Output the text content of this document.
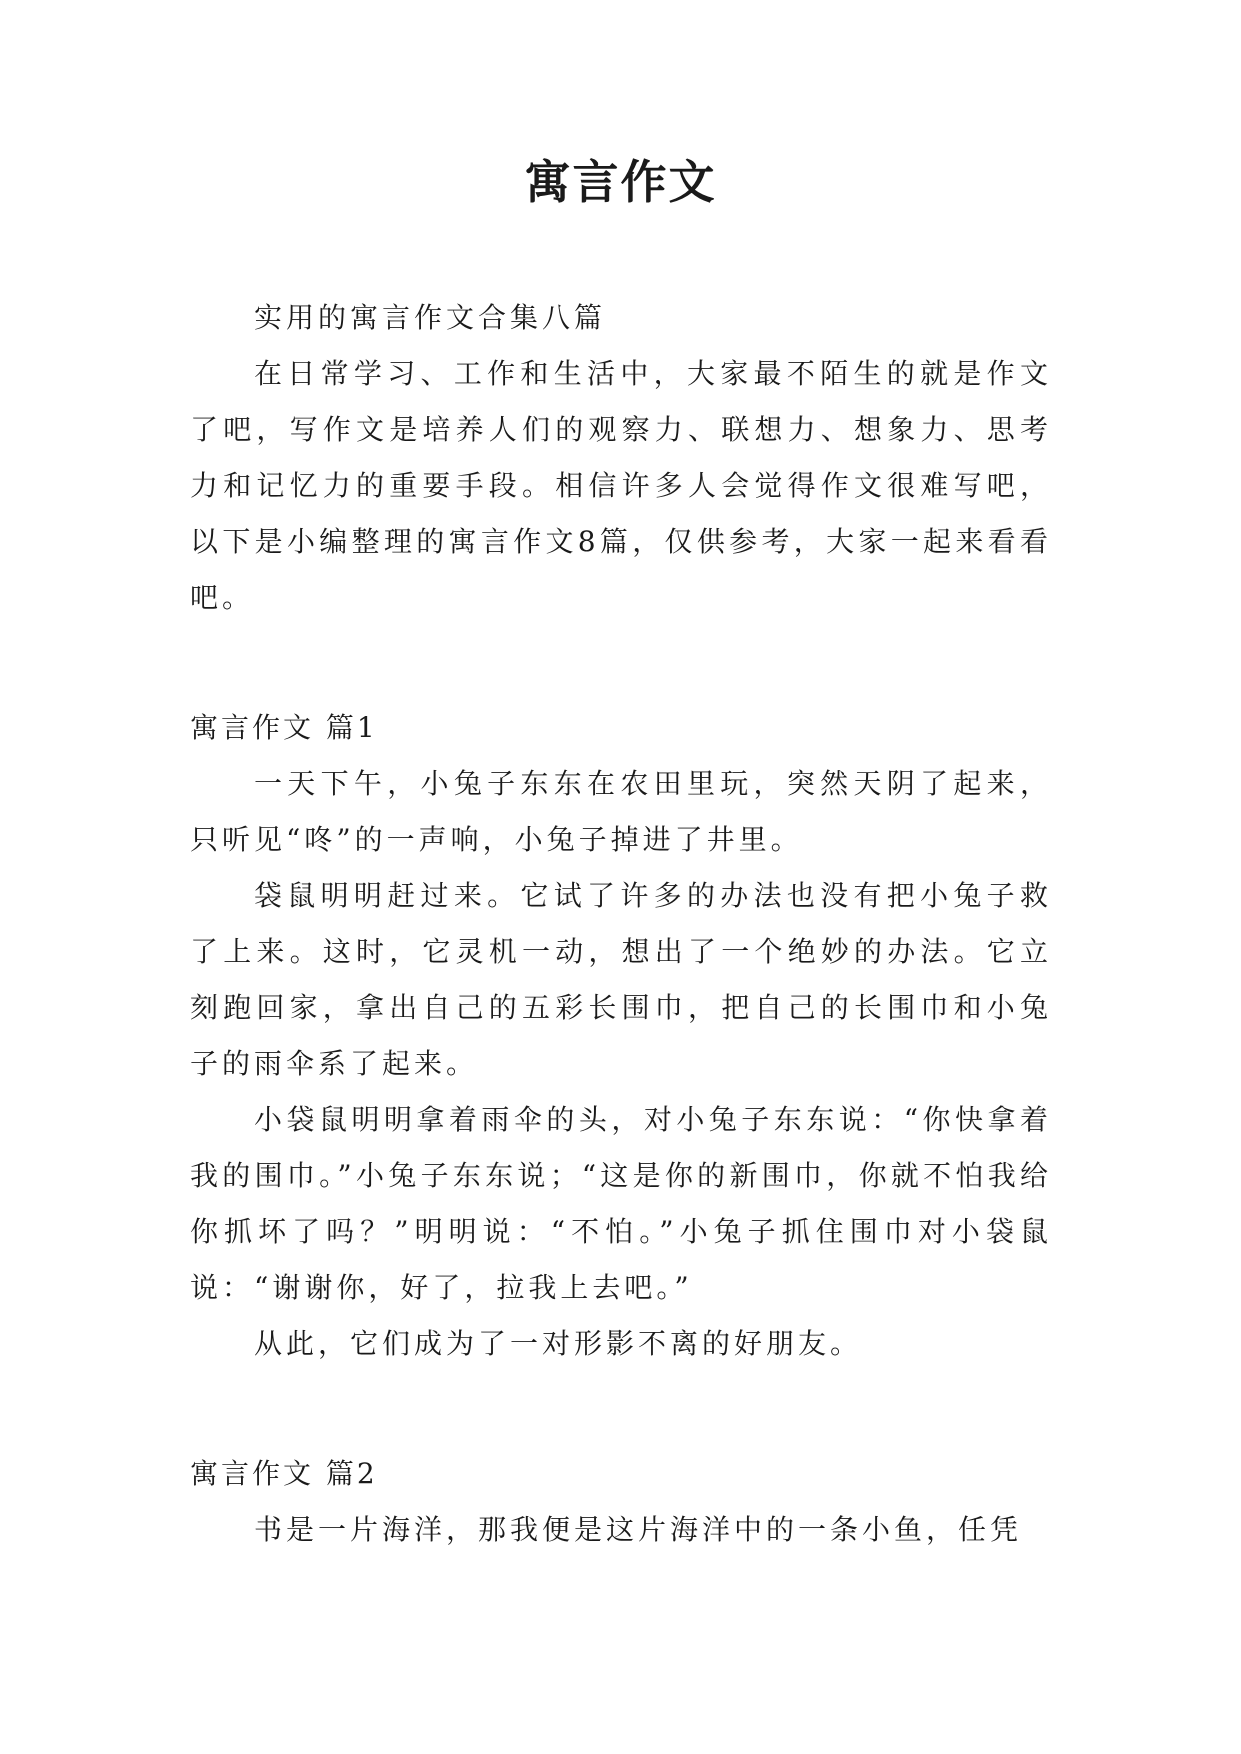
寓言作文

实用的寓言作文合集八篇

在日常学习、工作和生活中，大家最不陌生的就是作文了吧，写作文是培养人们的观察力、联想力、想象力、思考力和记忆力的重要手段。相信许多人会觉得作文很难写吧，以下是小编整理的寓言作文8篇，仅供参考，大家一起来看看吧。

寓言作文 篇1

一天下午，小兔子东东在农田里玩，突然天阴了起来，只听见“咚”的一声响，小兔子掉进了井里。

袋鼠明明赶过来。它试了许多的办法也没有把小兔子救了上来。这时，它灵机一动，想出了一个绝妙的办法。它立刻跑回家，拿出自己的五彩长围巾，把自己的长围巾和小兔子的雨伞系了起来。

小袋鼠明明拿着雨伞的头，对小兔子东东说：“你快拿着我的围巾。”小兔子东东说；“这是你的新围巾，你就不怕我给你抓坏了吗？”明明说：“不怕。”小兔子抓住围巾对小袋鼠说：“谢谢你，好了，拉我上去吧。”

从此，它们成为了一对形影不离的好朋友。

寓言作文 篇2

书是一片海洋，那我便是这片海洋中的一条小鱼，任凭
